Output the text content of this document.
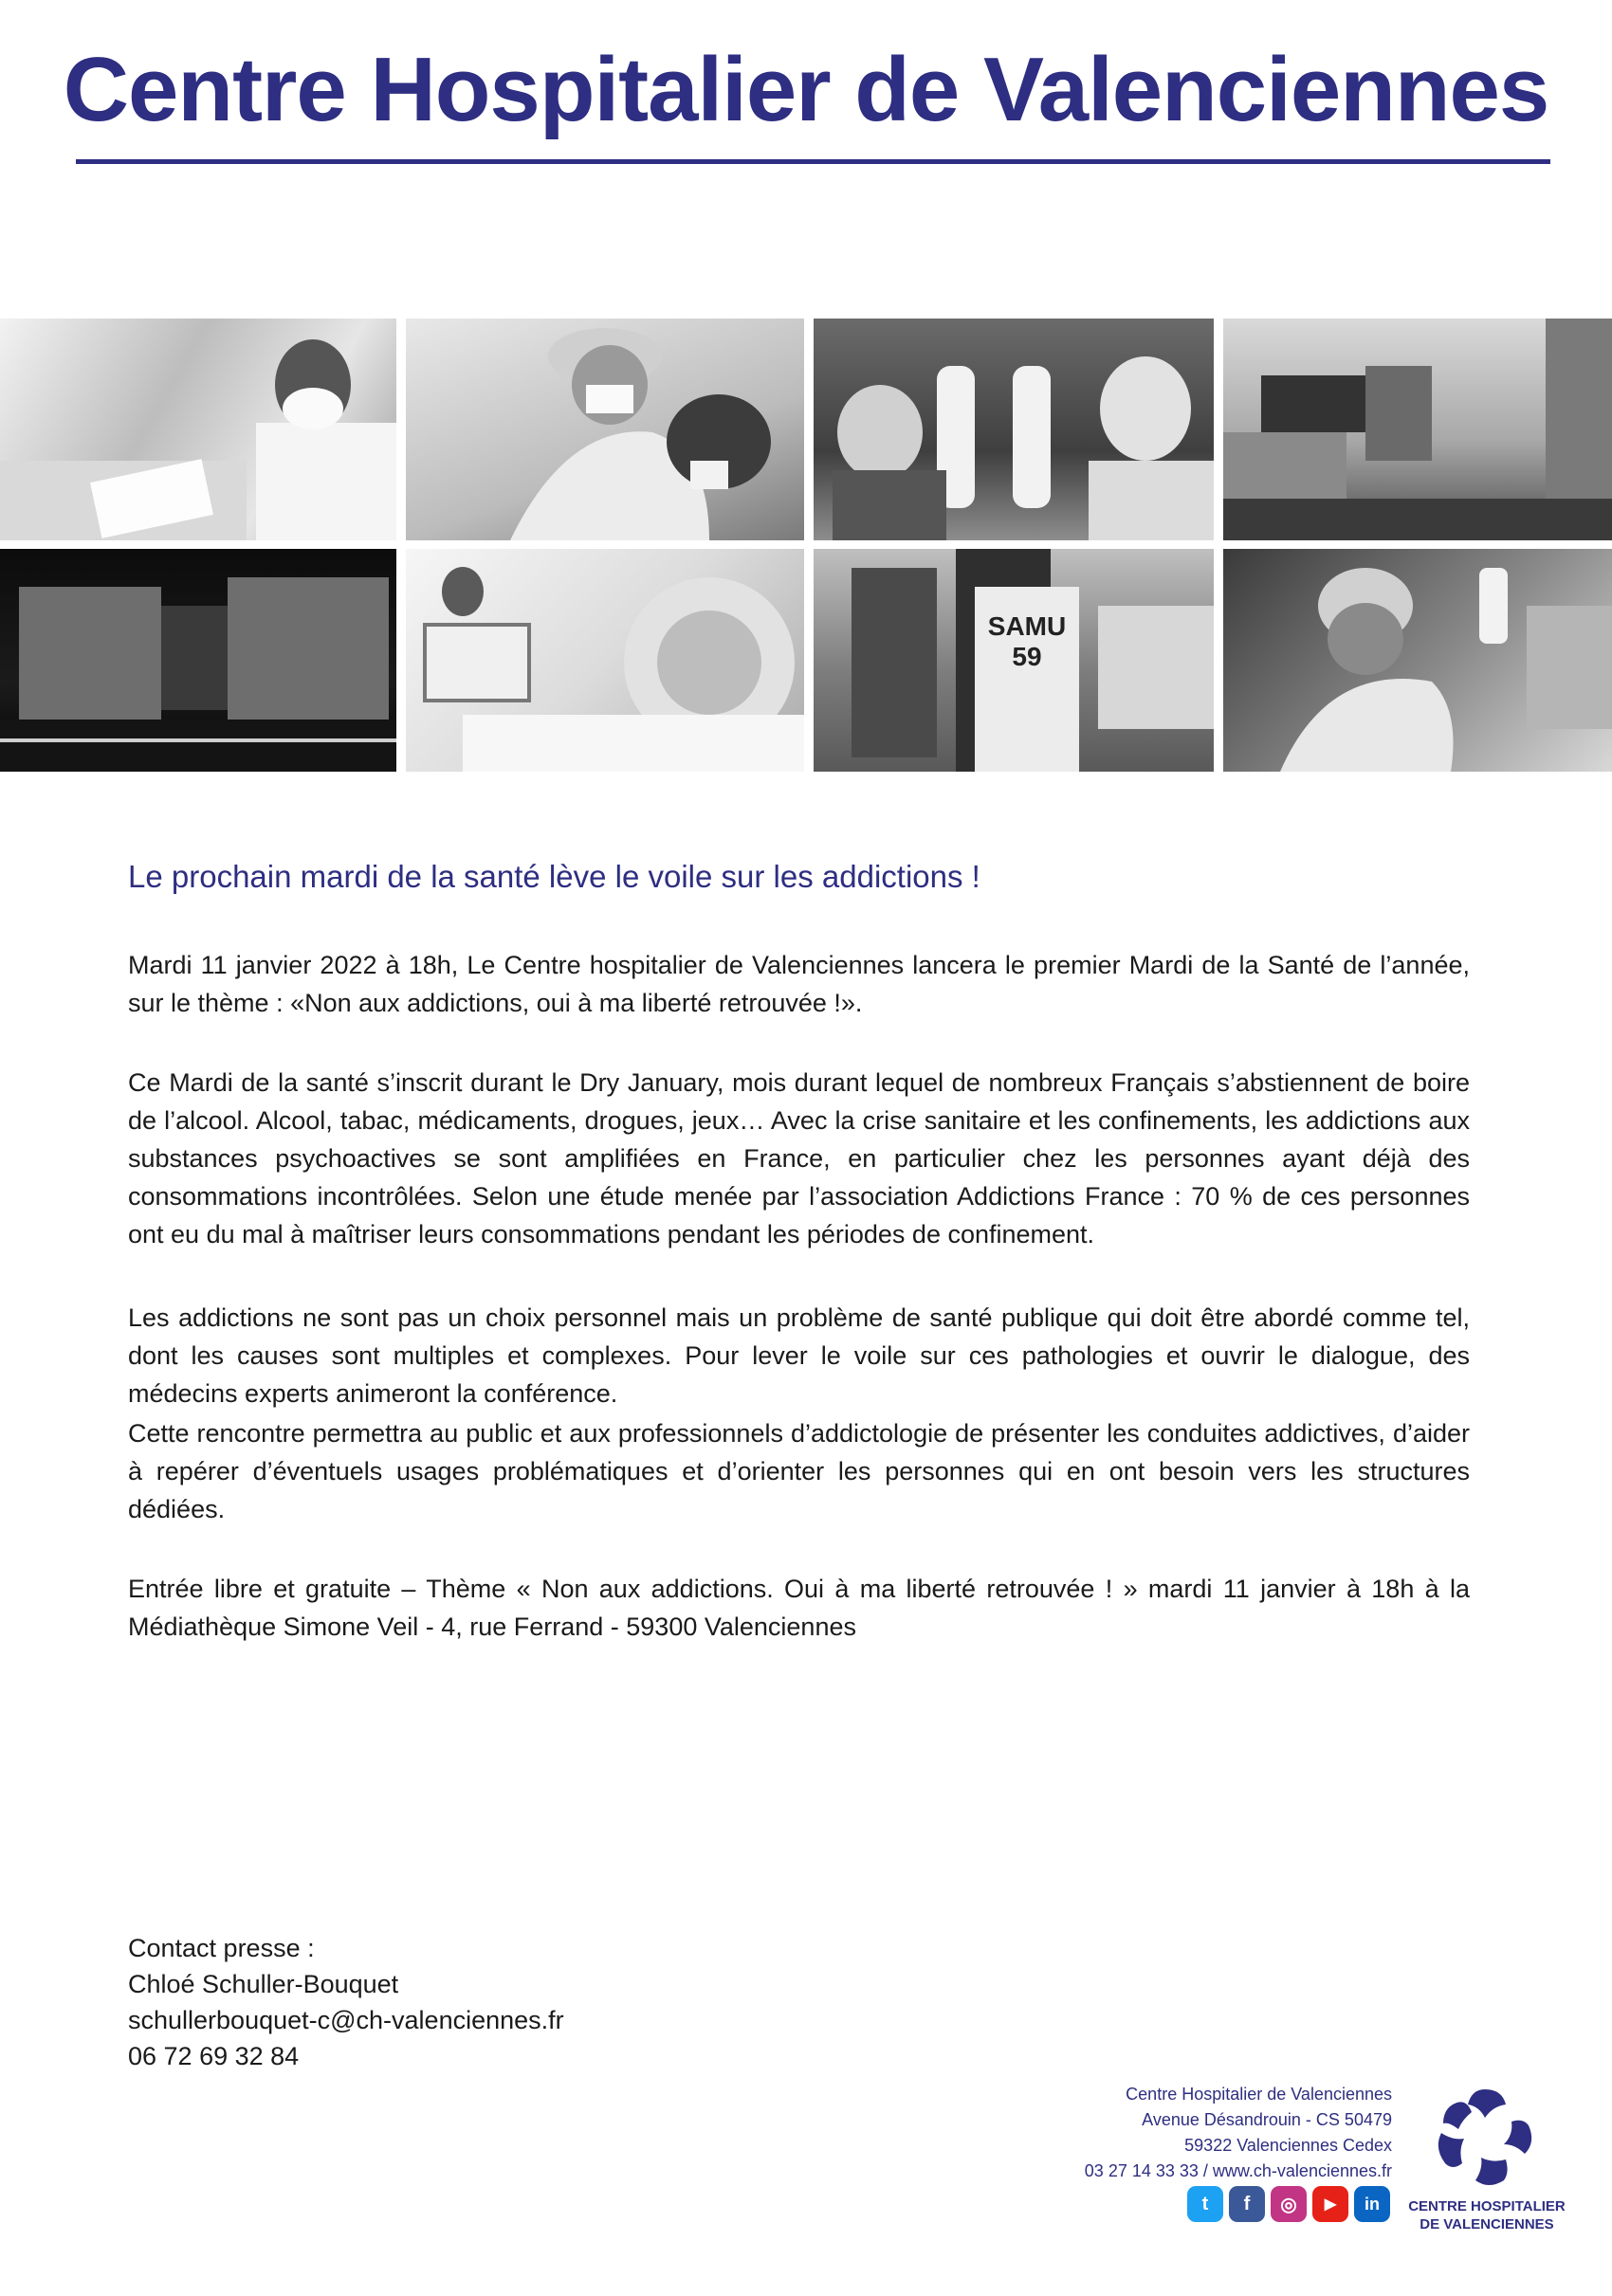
Centre Hospitalier de Valenciennes
SAMU
59
Le prochain mardi de la santé lève le voile sur les addictions !

Mardi 11 janvier 2022 à 18h, Le Centre hospitalier de Valenciennes lancera le premier Mardi de la Santé de l’année, sur le thème : «Non aux addictions, oui à ma liberté retrouvée !».

Ce Mardi de la santé s’inscrit durant le Dry January, mois durant lequel de nombreux Français s’abstiennent de boire de l’alcool. Alcool, tabac, médicaments, drogues, jeux… Avec la crise sanitaire et les confinements, les addictions aux substances psychoactives se sont amplifiées en France, en particulier chez les personnes ayant déjà des consommations incontrôlées. Selon une étude menée par l’association Addictions France : 70 % de ces personnes ont eu du mal à maîtriser leurs consommations pendant les périodes de confinement.

Les addictions ne sont pas un choix personnel mais un problème de santé publique qui doit être abordé comme tel, dont les causes sont multiples et complexes. Pour lever le voile sur ces pathologies et ouvrir le dialogue, des médecins experts animeront la conférence.

Cette rencontre permettra au public et aux professionnels d’addictologie de présenter les conduites addictives, d’aider à repérer d’éventuels usages problématiques et d’orienter les personnes qui en ont besoin vers les structures dédiées.

Entrée libre et gratuite – Thème « Non aux addictions. Oui à ma liberté retrouvée ! » mardi 11 janvier à 18h à la Médiathèque Simone Veil - 4, rue Ferrand - 59300 Valenciennes

Contact presse :
Chloé Schuller-Bouquet
schullerbouquet-c@ch-valenciennes.fr
06 72 69 32 84
Centre Hospitalier de Valenciennes
Avenue Désandrouin - CS 50479
59322 Valenciennes Cedex
03 27 14 33 33 / www.ch-valenciennes.fr
t	f	◎	▶	in	CENTRE HOSPITALIER
DE VALENCIENNES
